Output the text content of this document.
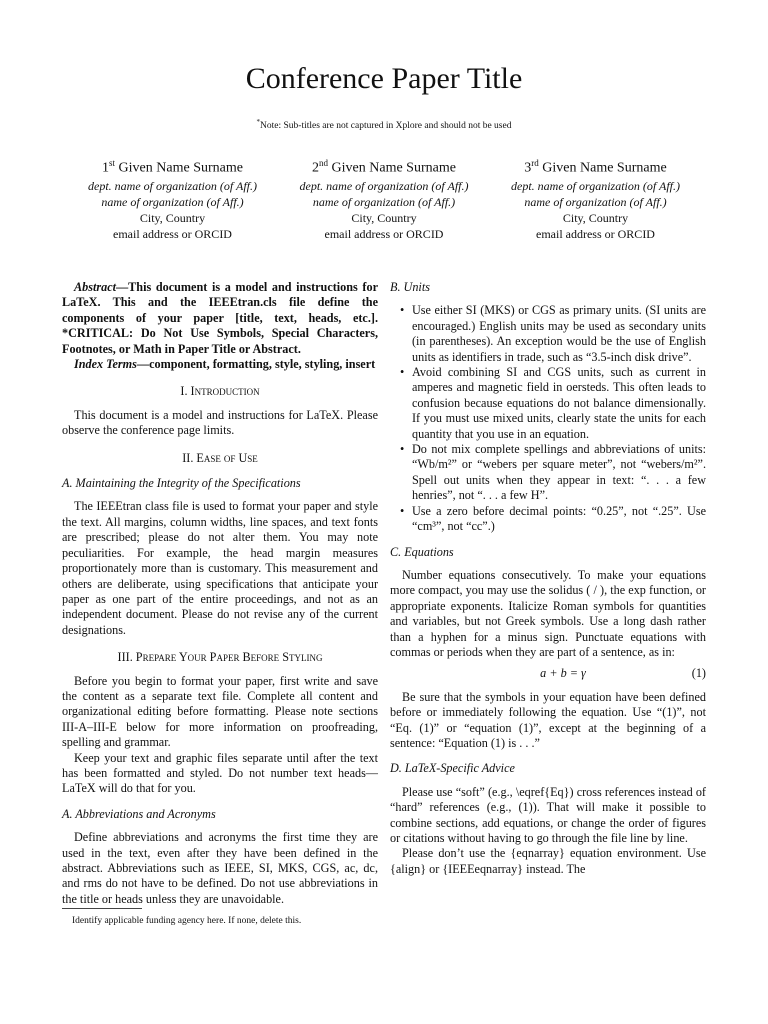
Conference Paper Title
*Note: Sub-titles are not captured in Xplore and should not be used
1st Given Name Surname
dept. name of organization (of Aff.)
name of organization (of Aff.)
City, Country
email address or ORCID
2nd Given Name Surname
dept. name of organization (of Aff.)
name of organization (of Aff.)
City, Country
email address or ORCID
3rd Given Name Surname
dept. name of organization (of Aff.)
name of organization (of Aff.)
City, Country
email address or ORCID

Abstract—This document is a model and instructions for LaTeX. This and the IEEEtran.cls file define the components of your paper [title, text, heads, etc.]. *CRITICAL: Do Not Use Symbols, Special Characters, Footnotes, or Math in Paper Title or Abstract.

Index Terms—component, formatting, style, styling, insert

I. Introduction

This document is a model and instructions for LaTeX. Please observe the conference page limits.

II. Ease of Use
A. Maintaining the Integrity of the Specifications

The IEEEtran class file is used to format your paper and style the text. All margins, column widths, line spaces, and text fonts are prescribed; please do not alter them. You may note peculiarities. For example, the head margin measures proportionately more than is customary. This measurement and others are deliberate, using specifications that anticipate your paper as one part of the entire proceedings, and not as an independent document. Please do not revise any of the current designations.

III. Prepare Your Paper Before Styling

Before you begin to format your paper, first write and save the content as a separate text file. Complete all content and organizational editing before formatting. Please note sections III-A–III-E below for more information on proofreading, spelling and grammar.

Keep your text and graphic files separate until after the text has been formatted and styled. Do not number text heads—LaTeX will do that for you.

A. Abbreviations and Acronyms

Define abbreviations and acronyms the first time they are used in the text, even after they have been defined in the abstract. Abbreviations such as IEEE, SI, MKS, CGS, ac, dc, and rms do not have to be defined. Do not use abbreviations in the title or heads unless they are unavoidable.

Identify applicable funding agency here. If none, delete this.
B. Units
• Use either SI (MKS) or CGS as primary units. (SI units are encouraged.) English units may be used as secondary units (in parentheses). An exception would be the use of English units as identifiers in trade, such as “3.5-inch disk drive”.
• Avoid combining SI and CGS units, such as current in amperes and magnetic field in oersteds. This often leads to confusion because equations do not balance dimensionally. If you must use mixed units, clearly state the units for each quantity that you use in an equation.
• Do not mix complete spellings and abbreviations of units: “Wb/m²” or “webers per square meter”, not “webers/m²”. Spell out units when they appear in text: “. . . a few henries”, not “. . . a few H”.
• Use a zero before decimal points: “0.25”, not “.25”. Use “cm³”, not “cc”.)
C. Equations

Number equations consecutively. To make your equations more compact, you may use the solidus ( / ), the exp function, or appropriate exponents. Italicize Roman symbols for quantities and variables, but not Greek symbols. Use a long dash rather than a hyphen for a minus sign. Punctuate equations with commas or periods when they are part of a sentence, as in:

a + b = γ	(1)

Be sure that the symbols in your equation have been defined before or immediately following the equation. Use “(1)”, not “Eq. (1)” or “equation (1)”, except at the beginning of a sentence: “Equation (1) is . . .”

D. LaTeX-Specific Advice

Please use “soft” (e.g., \eqref{Eq}) cross references instead of “hard” references (e.g., (1)). That will make it possible to combine sections, add equations, or change the order of figures or citations without having to go through the file line by line.

Please don’t use the {eqnarray} equation environment. Use {align} or {IEEEeqnarray} instead. The
